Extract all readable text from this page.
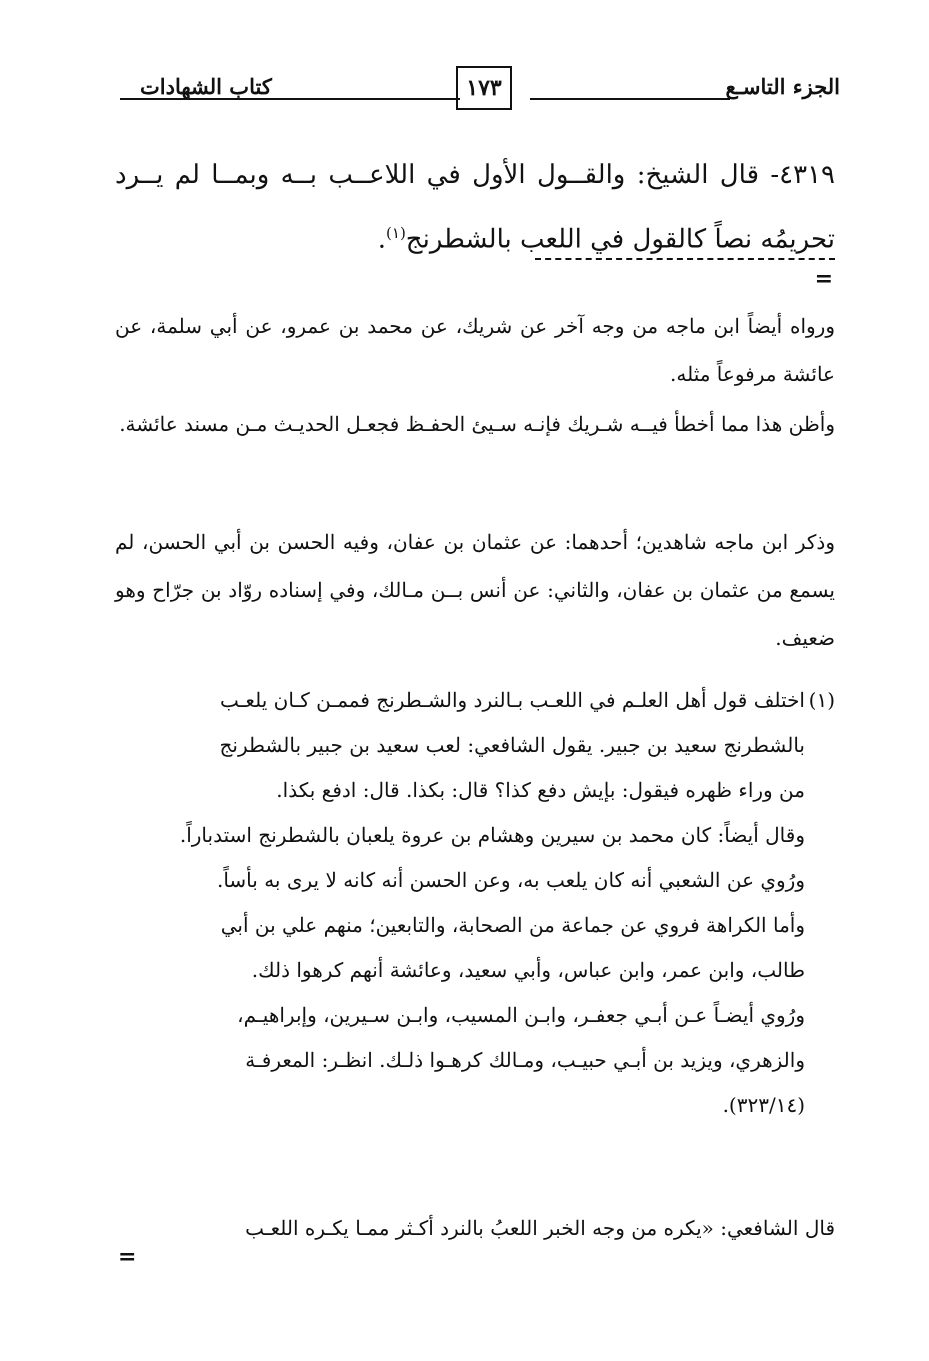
كتاب الشهادات	١٧٣	الجزء التاسـع
٤٣١٩- قال الشيخ: والقــول الأول في اللاعــب بــه وبمــا لم يــرد تحريمُه نصاً كالقول في اللعب بالشطرنج$^{(١)}$.
=
ورواه أيضاً ابن ماجه من وجه آخر عن شريك، عن محمد بن عمرو، عن أبي سلمة، عن عائشة مرفوعاً مثله.
وأظن هذا مما أخطأ فيــه شـريك فإنـه سـيئ الحفـظ فجعـل الحديـث مـن مسند عائشة.
وذكر ابن ماجه شاهدين؛ أحدهما: عن عثمان بن عفان، وفيه الحسن بن أبي الحسن، لم يسمع من عثمان بن عفان، والثاني: عن أنس بــن مـالك، وفي إسناده روّاد بن جرّاح وهو ضعيف.
(١)اختلف قول أهل العلـم في اللعـب بـالنرد والشـطرنج فممـن كـان يلعـب
بالشطرنج سعيد بن جبير. يقول الشافعي: لعب سعيد بن جبير بالشطرنج
من وراء ظهره فيقول: بإيش دفع كذا؟ قال: بكذا. قال: ادفع بكذا.
وقال أيضاً: كان محمد بن سيرين وهشام بن عروة يلعبان بالشطرنج استدباراً.
ورُوي عن الشعبي أنه كان يلعب به، وعن الحسن أنه كانه لا يرى به بأساً.
وأما الكراهة فروي عن جماعة من الصحابة، والتابعين؛ منهم علي بن أبي
طالب، وابن عمر، وابن عباس، وأبي سعيد، وعائشة أنهم كرهوا ذلك.
ورُوي أيضـاً عـن أبـي جعفـر، وابـن المسيب، وابـن سـيرين، وإبراهيـم،
والزهري، ويزيد بن أبـي حبيـب، ومـالك كرهـوا ذلـك. انظـر: المعرفـة
(٣٢٣/١٤).
قال الشافعي: «يكره من وجه الخبر اللعبُ بالنرد أكـثر ممـا يكـره اللعـب
=
